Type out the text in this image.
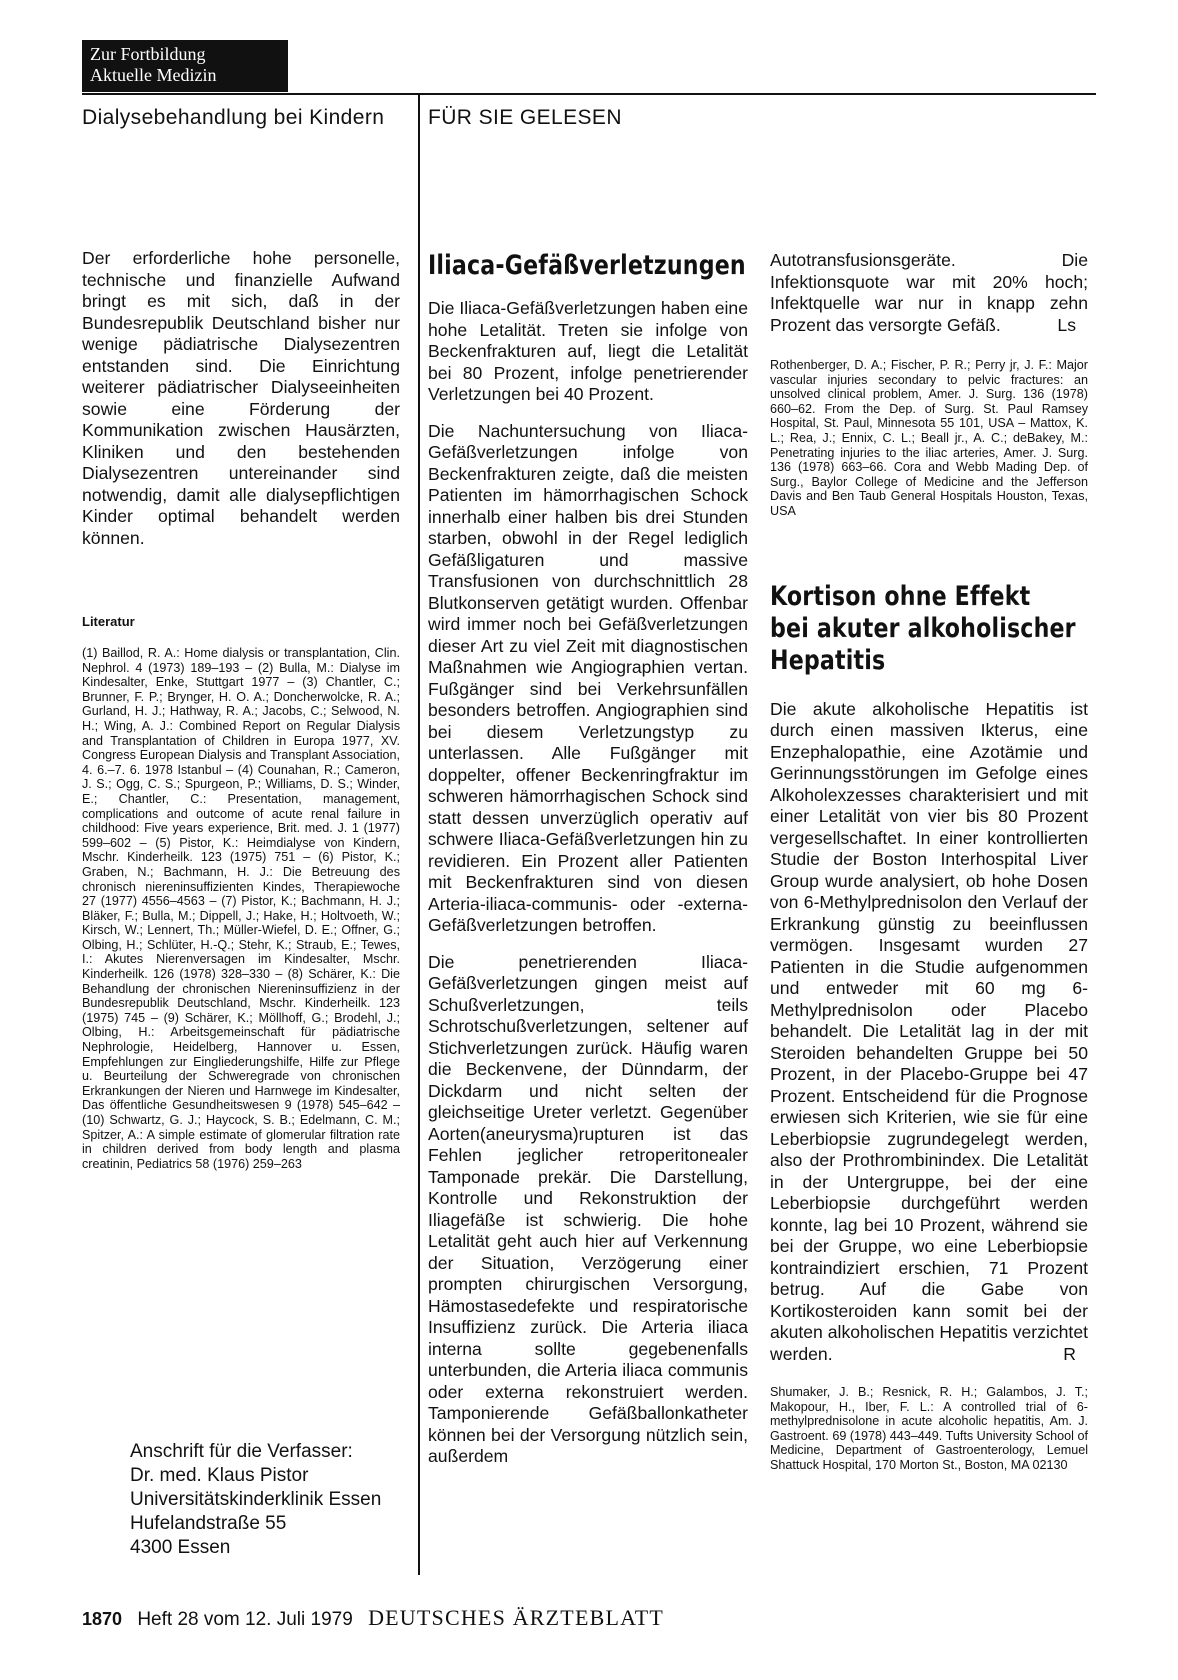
Zur Fortbildung
Aktuelle Medizin
Dialysebehandlung bei Kindern FÜR SIE GELESEN

Der erforderliche hohe personelle, technische und finanzielle Aufwand bringt es mit sich, daß in der Bundesrepublik Deutschland bisher nur wenige pädiatrische Dialysezentren entstanden sind. Die Einrichtung weiterer pädiatrischer Dialyseeinheiten sowie eine Förderung der Kommunikation zwischen Hausärzten, Kliniken und den bestehenden Dialysezentren untereinander sind notwendig, damit alle dialysepflichtigen Kinder optimal behandelt werden können.

Literatur

(1) Baillod, R. A.: Home dialysis or transplantation, Clin. Nephrol. 4 (1973) 189–193 – (2) Bulla, M.: Dialyse im Kindesalter, Enke, Stuttgart 1977 – (3) Chantler, C.; Brunner, F. P.; Brynger, H. O. A.; Doncherwolcke, R. A.; Gurland, H. J.; Hathway, R. A.; Jacobs, C.; Selwood, N. H.; Wing, A. J.: Combined Report on Regular Dialysis and Transplantation of Children in Europa 1977, XV. Congress European Dialysis and Transplant Association, 4. 6.–7. 6. 1978 Istanbul – (4) Counahan, R.; Cameron, J. S.; Ogg, C. S.; Spurgeon, P.; Williams, D. S.; Winder, E.; Chantler, C.: Presentation, management, complications and outcome of acute renal failure in childhood: Five years experience, Brit. med. J. 1 (1977) 599–602 – (5) Pistor, K.: Heimdialyse von Kindern, Mschr. Kinderheilk. 123 (1975) 751 – (6) Pistor, K.; Graben, N.; Bachmann, H. J.: Die Betreuung des chronisch niereninsuffizienten Kindes, Therapiewoche 27 (1977) 4556–4563 – (7) Pistor, K.; Bachmann, H. J.; Bläker, F.; Bulla, M.; Dippell, J.; Hake, H.; Holtvoeth, W.; Kirsch, W.; Lennert, Th.; Müller-Wiefel, D. E.; Offner, G.; Olbing, H.; Schlüter, H.-Q.; Stehr, K.; Straub, E.; Tewes, I.: Akutes Nierenversagen im Kindesalter, Mschr. Kinderheilk. 126 (1978) 328–330 – (8) Schärer, K.: Die Behandlung der chronischen Niereninsuffizienz in der Bundesrepublik Deutschland, Mschr. Kinderheilk. 123 (1975) 745 – (9) Schärer, K.; Möllhoff, G.; Brodehl, J.; Olbing, H.: Arbeitsgemeinschaft für pädiatrische Nephrologie, Heidelberg, Hannover u. Essen, Empfehlungen zur Eingliederungshilfe, Hilfe zur Pflege u. Beurteilung der Schweregrade von chronischen Erkrankungen der Nieren und Harnwege im Kindesalter, Das öffentliche Gesundheitswesen 9 (1978) 545–642 – (10) Schwartz, G. J.; Haycock, S. B.; Edelmann, C. M.; Spitzer, A.: A simple estimate of glomerular filtration rate in children derived from body length and plasma creatinin, Pediatrics 58 (1976) 259–263

Anschrift für die Verfasser:
Dr. med. Klaus Pistor
Universitätskinderklinik Essen
Hufelandstraße 55
4300 Essen
Iliaca-Gefäßverletzungen

Die Iliaca-Gefäßverletzungen haben eine hohe Letalität. Treten sie infolge von Beckenfrakturen auf, liegt die Letalität bei 80 Prozent, infolge penetrierender Verletzungen bei 40 Prozent.

Die Nachuntersuchung von Iliaca-Gefäßverletzungen infolge von Beckenfrakturen zeigte, daß die meisten Patienten im hämorrhagischen Schock innerhalb einer halben bis drei Stunden starben, obwohl in der Regel lediglich Gefäßligaturen und massive Transfusionen von durchschnittlich 28 Blutkonserven getätigt wurden. Offenbar wird immer noch bei Gefäßverletzungen dieser Art zu viel Zeit mit diagnostischen Maßnahmen wie Angiographien vertan. Fußgänger sind bei Verkehrsunfällen besonders betroffen. Angiographien sind bei diesem Verletzungstyp zu unterlassen. Alle Fußgänger mit doppelter, offener Beckenringfraktur im schweren hämorrhagischen Schock sind statt dessen unverzüglich operativ auf schwere Iliaca-Gefäßverletzungen hin zu revidieren. Ein Prozent aller Patienten mit Beckenfrakturen sind von diesen Arteria-iliaca-communis- oder -externa-Gefäßverletzungen betroffen.

Die penetrierenden Iliaca-Gefäßverletzungen gingen meist auf Schußverletzungen, teils Schrotschußverletzungen, seltener auf Stichverletzungen zurück. Häufig waren die Beckenvene, der Dünndarm, der Dickdarm und nicht selten der gleichseitige Ureter verletzt. Gegenüber Aorten(aneurysma)rupturen ist das Fehlen jeglicher retroperitonealer Tamponade prekär. Die Darstellung, Kontrolle und Rekonstruktion der Iliagefäße ist schwierig. Die hohe Letalität geht auch hier auf Verkennung der Situation, Verzögerung einer prompten chirurgischen Versorgung, Hämostasedefekte und respiratorische Insuffizienz zurück. Die Arteria iliaca interna sollte gegebenenfalls unterbunden, die Arteria iliaca communis oder externa rekonstruiert werden. Tamponierende Gefäßballonkatheter können bei der Versorgung nützlich sein, außerdem

Autotransfusionsgeräte. Die Infektionsquote war mit 20% hoch; Infektquelle war nur in knapp zehn Prozent das versorgte Gefäß.	Ls

Rothenberger, D. A.; Fischer, P. R.; Perry jr, J. F.: Major vascular injuries secondary to pelvic fractures: an unsolved clinical problem, Amer. J. Surg. 136 (1978) 660–62. From the Dep. of Surg. St. Paul Ramsey Hospital, St. Paul, Minnesota 55 101, USA – Mattox, K. L.; Rea, J.; Ennix, C. L.; Beall jr., A. C.; deBakey, M.: Penetrating injuries to the iliac arteries, Amer. J. Surg. 136 (1978) 663–66. Cora and Webb Mading Dep. of Surg., Baylor College of Medicine and the Jefferson Davis and Ben Taub General Hospitals Houston, Texas, USA

Kortison ohne Effekt
bei akuter alkoholischer
Hepatitis

Die akute alkoholische Hepatitis ist durch einen massiven Ikterus, eine Enzephalopathie, eine Azotämie und Gerinnungsstörungen im Gefolge eines Alkoholexzesses charakterisiert und mit einer Letalität von vier bis 80 Prozent vergesellschaftet. In einer kontrollierten Studie der Boston Interhospital Liver Group wurde analysiert, ob hohe Dosen von 6-Methylprednisolon den Verlauf der Erkrankung günstig zu beeinflussen vermögen. Insgesamt wurden 27 Patienten in die Studie aufgenommen und entweder mit 60 mg 6-Methylprednisolon oder Placebo behandelt. Die Letalität lag in der mit Steroiden behandelten Gruppe bei 50 Prozent, in der Placebo-Gruppe bei 47 Prozent. Entscheidend für die Prognose erwiesen sich Kriterien, wie sie für eine Leberbiopsie zugrundegelegt werden, also der Prothrombinindex. Die Letalität in der Untergruppe, bei der eine Leberbiopsie durchgeführt werden konnte, lag bei 10 Prozent, während sie bei der Gruppe, wo eine Leberbiopsie kontraindiziert erschien, 71 Prozent betrug. Auf die Gabe von Kortikosteroiden kann somit bei der akuten alkoholischen Hepatitis verzichtet werden.	R

Shumaker, J. B.; Resnick, R. H.; Galambos, J. T.; Makopour, H., Iber, F. L.: A controlled trial of 6-methylprednisolone in acute alcoholic hepatitis, Am. J. Gastroent. 69 (1978) 443–449. Tufts University School of Medicine, Department of Gastroenterology, Lemuel Shattuck Hospital, 170 Morton St., Boston, MA 02130

1870 Heft 28 vom 12. Juli 1979 DEUTSCHES ÄRZTEBLATT
